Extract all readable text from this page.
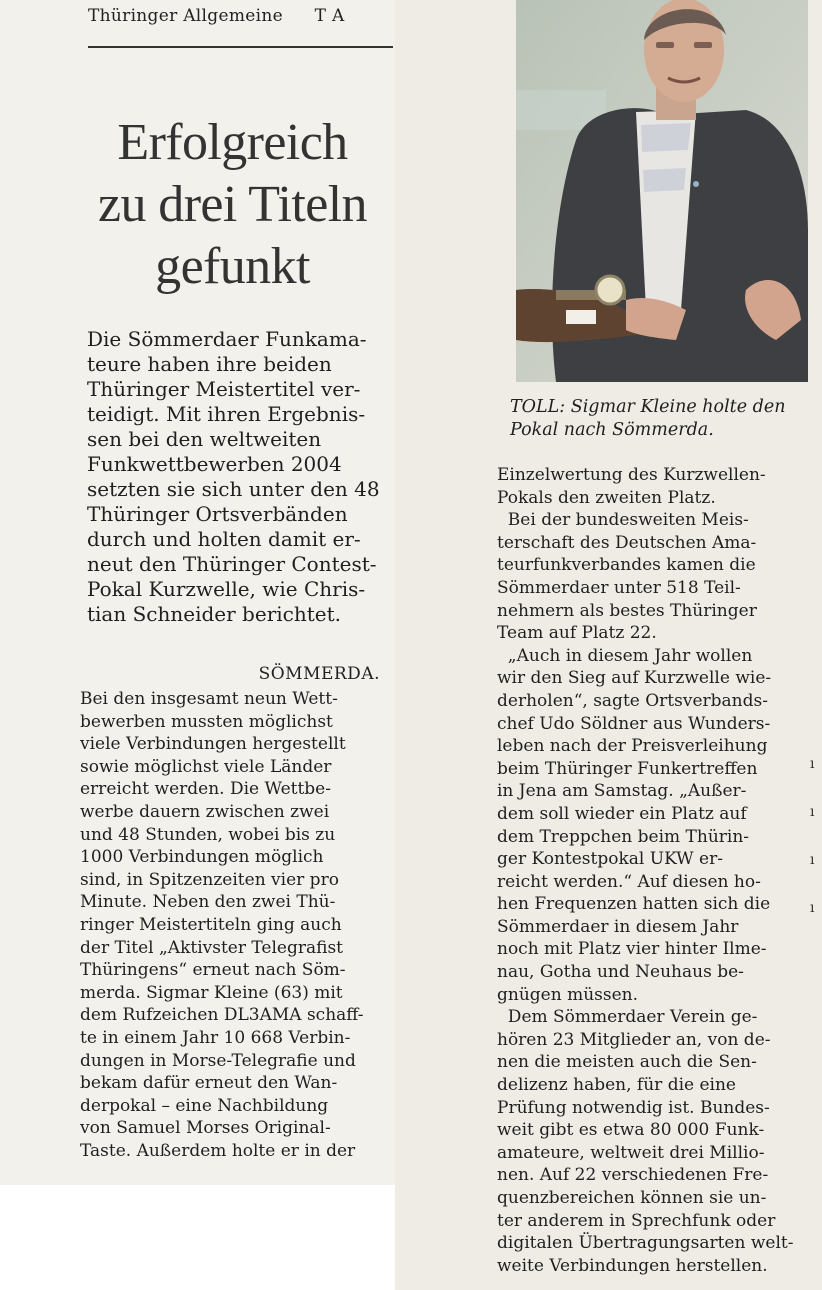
Thüringer Allgemeine T A
Erfolgreich
zu drei Titeln
gefunkt
Die Sömmerdaer Funkama-
teure haben ihre beiden
Thüringer Meistertitel ver-
teidigt. Mit ihren Ergebnis-
sen bei den weltweiten
Funkwettbewerben 2004
setzten sie sich unter den 48
Thüringer Ortsverbänden
durch und holten damit er-
neut den Thüringer Contest-
Pokal Kurzwelle, wie Chris-
tian Schneider berichtet.
SÖMMERDA.
Bei den insgesamt neun Wett-
bewerben mussten möglichst
viele Verbindungen hergestellt
sowie möglichst viele Länder
erreicht werden. Die Wettbe-
werbe dauern zwischen zwei
und 48 Stunden, wobei bis zu
1000 Verbindungen möglich
sind, in Spitzenzeiten vier pro
Minute. Neben den zwei Thü-
ringer Meistertiteln ging auch
der Titel „Aktivster Telegrafist
Thüringens“ erneut nach Söm-
merda. Sigmar Kleine (63) mit
dem Rufzeichen DL3AMA schaff-
te in einem Jahr 10 668 Verbin-
dungen in Morse-Telegrafie und
bekam dafür erneut den Wan-
derpokal – eine Nachbildung
von Samuel Morses Original-
Taste. Außerdem holte er in der
TOLL: Sigmar Kleine holte den
Pokal nach Sömmerda.
Einzelwertung des Kurzwellen-
Pokals den zweiten Platz.
Bei der bundesweiten Meis-
terschaft des Deutschen Ama-
teurfunkverbandes kamen die
Sömmerdaer unter 518 Teil-
nehmern als bestes Thüringer
Team auf Platz 22.
„Auch in diesem Jahr wollen
wir den Sieg auf Kurzwelle wie-
derholen“, sagte Ortsverbands-
chef Udo Söldner aus Wunders-
leben nach der Preisverleihung
beim Thüringer Funkertreffen
in Jena am Samstag. „Außer-
dem soll wieder ein Platz auf
dem Treppchen beim Thürin-
ger Kontestpokal UKW er-
reicht werden.“ Auf diesen ho-
hen Frequenzen hatten sich die
Sömmerdaer in diesem Jahr
noch mit Platz vier hinter Ilme-
nau, Gotha und Neuhaus be-
gnügen müssen.
Dem Sömmerdaer Verein ge-
hören 23 Mitglieder an, von de-
nen die meisten auch die Sen-
delizenz haben, für die eine
Prüfung notwendig ist. Bundes-
weit gibt es etwa 80 000 Funk-
amateure, weltweit drei Millio-
nen. Auf 22 verschiedenen Fre-
quenzbereichen können sie un-
ter anderem in Sprechfunk oder
digitalen Übertragungsarten welt-
weite Verbindungen herstellen.
ı
ı
ı
ı
